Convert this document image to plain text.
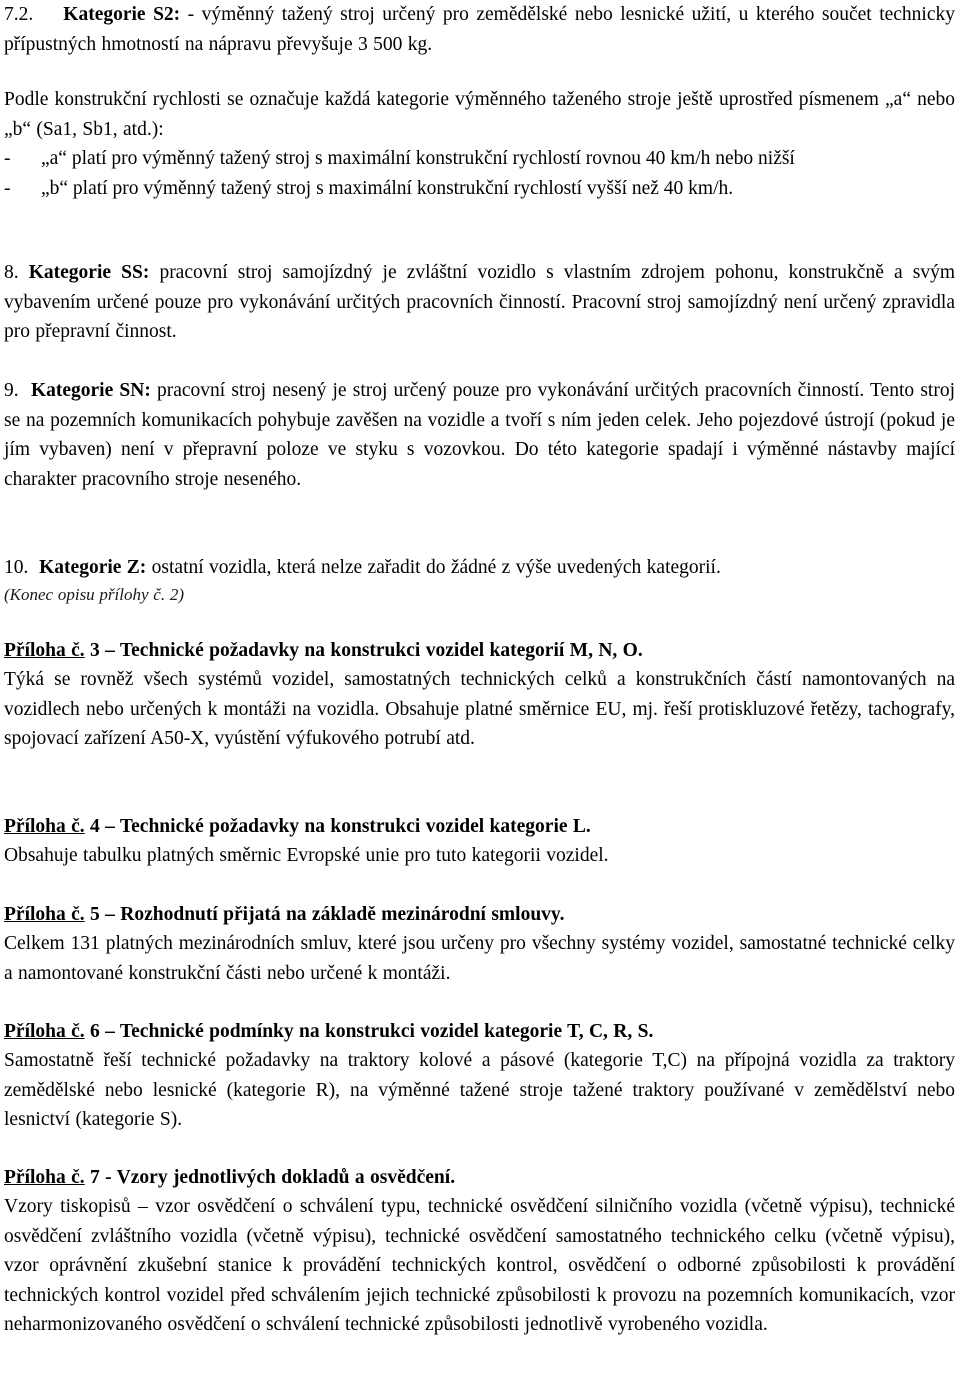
7.2. Kategorie S2: - výměnný tažený stroj určený pro zemědělské nebo lesnické užití, u kterého součet technicky přípustných hmotností na nápravu převyšuje 3 500 kg.

Podle konstrukční rychlosti se označuje každá kategorie výměnného taženého stroje ještě uprostřed písmenem „a“ nebo „b“ (Sa1, Sb1, atd.):

-	„a“ platí pro výměnný tažený stroj s maximální konstrukční rychlostí rovnou 40 km/h nebo nižší
-	„b“ platí pro výměnný tažený stroj s maximální konstrukční rychlostí vyšší než 40 km/h.

8. Kategorie SS: pracovní stroj samojízdný je zvláštní vozidlo s vlastním zdrojem pohonu, konstrukčně a svým vybavením určené pouze pro vykonávání určitých pracovních činností. Pracovní stroj samojízdný není určený zpravidla pro přepravní činnost.

9. Kategorie SN: pracovní stroj nesený je stroj určený pouze pro vykonávání určitých pracovních činností. Tento stroj se na pozemních komunikacích pohybuje zavěšen na vozidle a tvoří s ním jeden celek. Jeho pojezdové ústrojí (pokud je jím vybaven) není v přepravní poloze ve styku s vozovkou. Do této kategorie spadají i výměnné nástavby mající charakter pracovního stroje neseného.

10. Kategorie Z: ostatní vozidla, která nelze zařadit do žádné z výše uvedených kategorií.

(Konec opisu přílohy č. 2)

Příloha č. 3 – Technické požadavky na konstrukci vozidel kategorií M, N, O.

Týká se rovněž všech systémů vozidel, samostatných technických celků a konstrukčních částí namontovaných na vozidlech nebo určených k montáži na vozidla. Obsahuje platné směrnice EU, mj. řeší protiskluzové řetězy, tachografy, spojovací zařízení A50-X, vyústění výfukového potrubí atd.

Příloha č. 4 – Technické požadavky na konstrukci vozidel kategorie L.

Obsahuje tabulku platných směrnic Evropské unie pro tuto kategorii vozidel.

Příloha č. 5 – Rozhodnutí přijatá na základě mezinárodní smlouvy.

Celkem 131 platných mezinárodních smluv, které jsou určeny pro všechny systémy vozidel, samostatné technické celky a namontované konstrukční části nebo určené k montáži.

Příloha č. 6 – Technické podmínky na konstrukci vozidel kategorie T, C, R, S.

Samostatně řeší technické požadavky na traktory kolové a pásové (kategorie T,C) na přípojná vozidla za traktory zemědělské nebo lesnické (kategorie R), na výměnné tažené stroje tažené traktory používané v zemědělství nebo lesnictví (kategorie S).

Příloha č. 7 - Vzory jednotlivých dokladů a osvědčení.

Vzory tiskopisů – vzor osvědčení o schválení typu, technické osvědčení silničního vozidla (včetně výpisu), technické osvědčení zvláštního vozidla (včetně výpisu), technické osvědčení samostatného technického celku (včetně výpisu), vzor oprávnění zkušební stanice k provádění technických kontrol, osvědčení o odborné způsobilosti k provádění technických kontrol vozidel před schválením jejich technické způsobilosti k provozu na pozemních komunikacích, vzor neharmonizovaného osvědčení o schválení technické způsobilosti jednotlivě vyrobeného vozidla.
